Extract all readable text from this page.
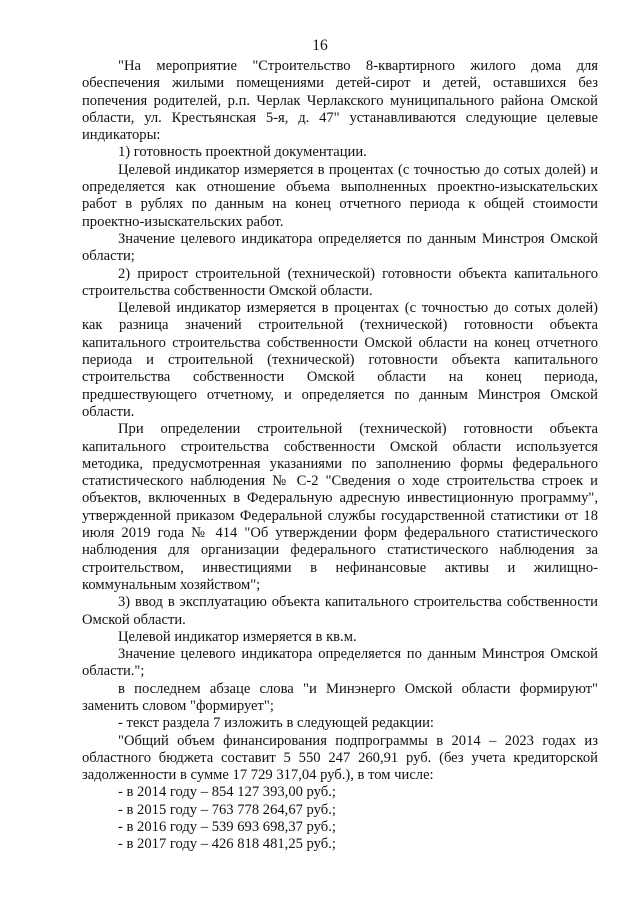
16

"На мероприятие "Строительство 8-квартирного жилого дома для обеспечения жилыми помещениями детей-сирот и детей, оставшихся без попечения родителей, р.п. Черлак Черлакского муниципального района Омской области, ул. Крестьянская 5-я, д. 47" устанавливаются следующие целевые индикаторы:

1) готовность проектной документации.

Целевой индикатор измеряется в процентах (с точностью до сотых долей) и определяется как отношение объема выполненных проектно-изыскательских работ в рублях по данным на конец отчетного периода к общей стоимости проектно-изыскательских работ.

Значение целевого индикатора определяется по данным Минстроя Омской области;

2) прирост строительной (технической) готовности объекта капитального строительства собственности Омской области.

Целевой индикатор измеряется в процентах (с точностью до сотых долей) как разница значений строительной (технической) готовности объекта капитального строительства собственности Омской области на конец отчетного периода и строительной (технической) готовности объекта капитального строительства собственности Омской области на конец периода, предшествующего отчетному, и определяется по данным Минстроя Омской области.

При определении строительной (технической) готовности объекта капитального строительства собственности Омской области используется методика, предусмотренная указаниями по заполнению формы федерального статистического наблюдения № С-2 "Сведения о ходе строительства строек и объектов, включенных в Федеральную адресную инвестиционную программу", утвержденной приказом Федеральной службы государственной статистики от 18 июля 2019 года № 414 "Об утверждении форм федерального статистического наблюдения для организации федерального статистического наблюдения за строительством, инвестициями в нефинансовые активы и жилищно-коммунальным хозяйством";

3) ввод в эксплуатацию объекта капитального строительства собственности Омской области.

Целевой индикатор измеряется в кв.м.

Значение целевого индикатора определяется по данным Минстроя Омской области.";

в последнем абзаце слова "и Минэнерго Омской области формируют" заменить словом "формирует";

- текст раздела 7 изложить в следующей редакции:

"Общий объем финансирования подпрограммы в 2014 – 2023 годах из областного бюджета составит 5 550 247 260,91 руб. (без учета кредиторской задолженности в сумме 17 729 317,04 руб.), в том числе:

- в 2014 году – 854 127 393,00 руб.;

- в 2015 году – 763 778 264,67 руб.;

- в 2016 году – 539 693 698,37 руб.;

- в 2017 году – 426 818 481,25 руб.;
